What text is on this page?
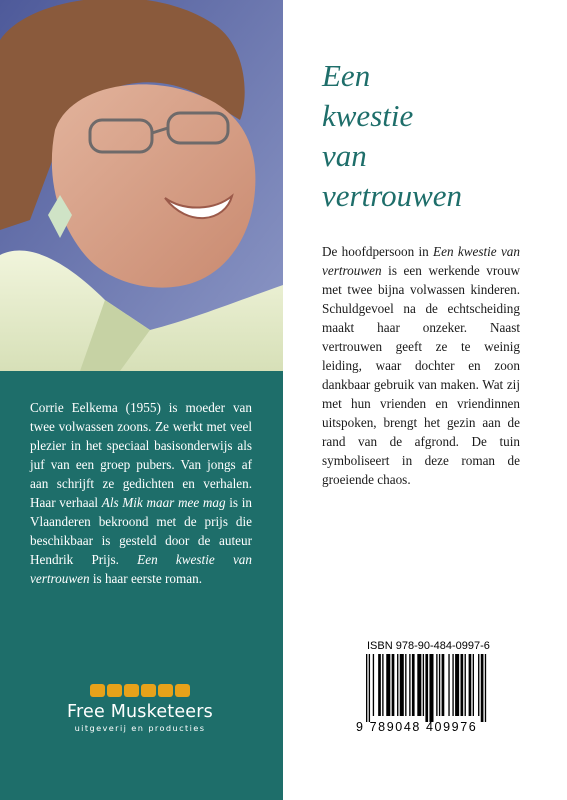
Corrie Eelkema (1955) is moeder van twee volwassen zoons. Ze werkt met veel plezier in het speciaal basisonderwijs als juf van een groep pubers. Van jongs af aan schrijft ze gedichten en verhalen. Haar verhaal Als Mik maar mee mag is in Vlaanderen bekroond met de prijs die beschikbaar is gesteld door de auteur Hendrik Prijs. Een kwestie van vertrouwen is haar eerste roman.

Free Musketeers
uitgeverij en producties
Een
kwestie
van
vertrouwen

De hoofdpersoon in Een kwestie van vertrouwen is een werkende vrouw met twee bijna volwassen kinderen. Schuldgevoel na de echtscheiding maakt haar onzeker. Naast vertrouwen geeft ze te weinig leiding, waar dochter en zoon dankbaar gebruik van maken. Wat zij met hun vrienden en vriendinnen uitspoken, brengt het gezin aan de rand van de afgrond. De tuin symboliseert in deze roman de groeiende chaos.

ISBN 978-90-484-0997-6
9 789048 409976
